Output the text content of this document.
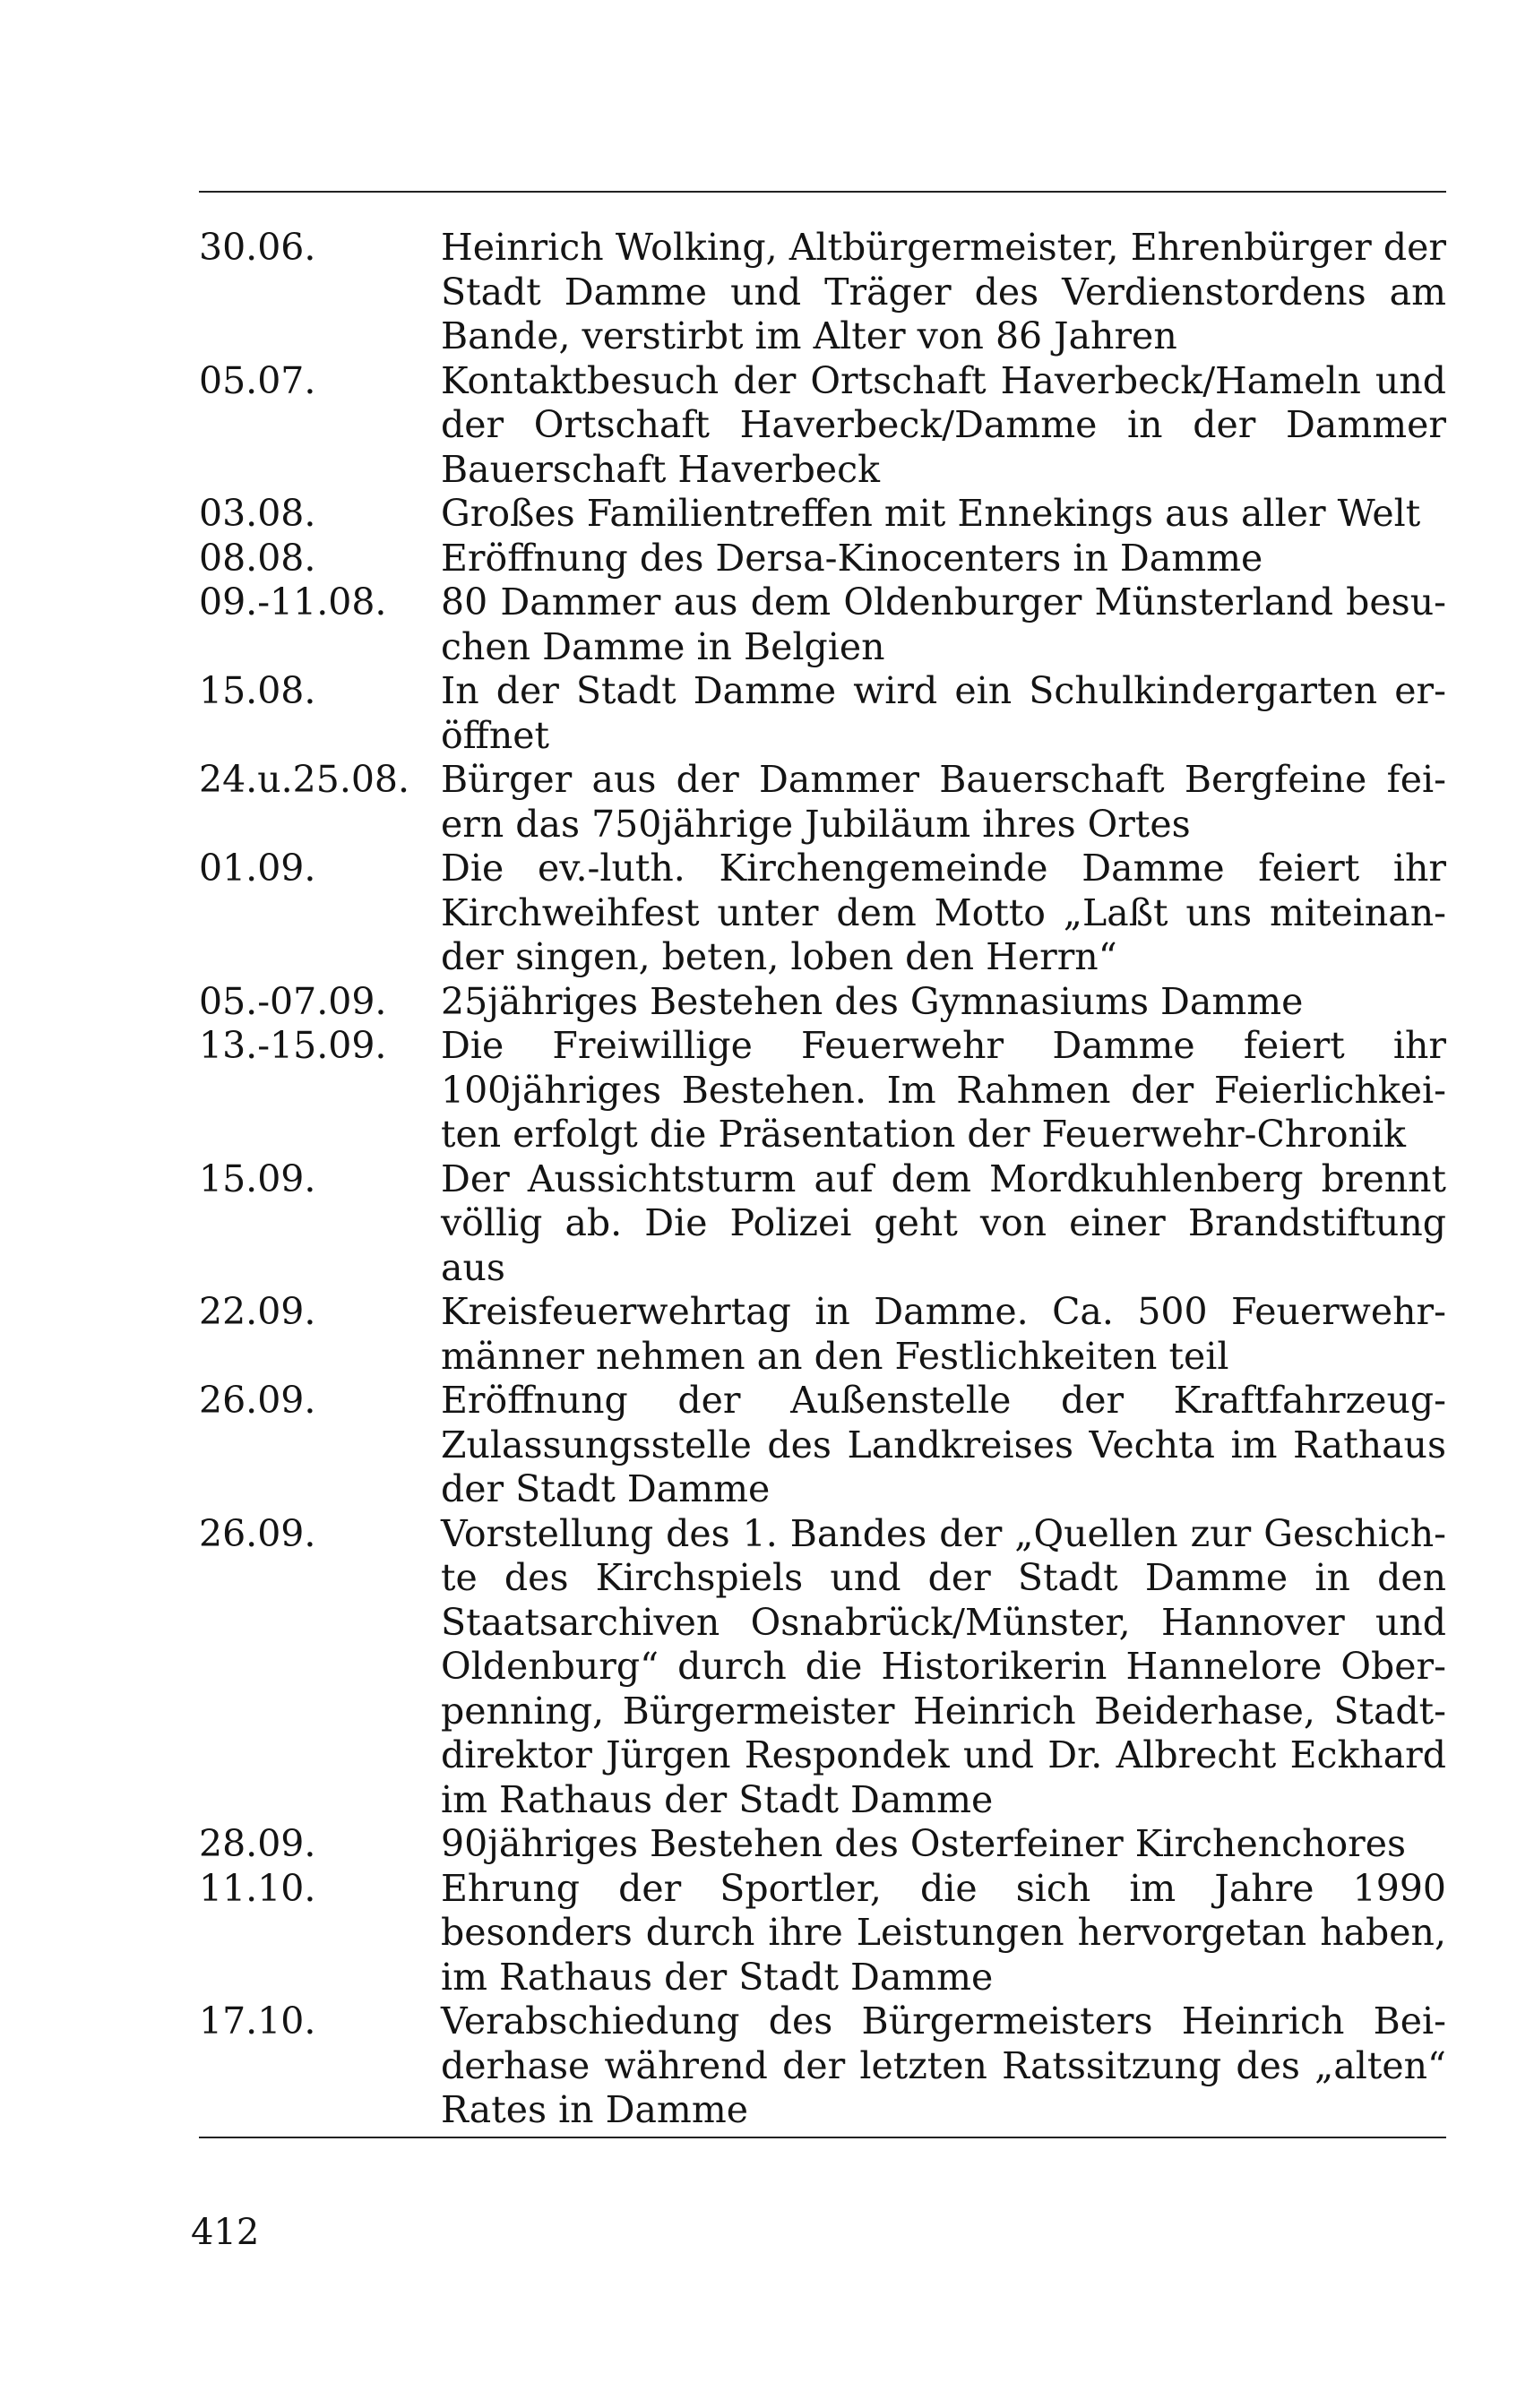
30.06.	Heinrich Wolking, Altbürgermeister, Ehrenbürger der Stadt Damme und Träger des Verdienstordens am Bande, verstirbt im Alter von 86 Jahren
05.07.	Kontaktbesuch der Ortschaft Haverbeck/Hameln und der Ortschaft Haverbeck/Damme in der Dammer Bauerschaft Haverbeck
03.08.	Großes Familientreffen mit Ennekings aus aller Welt
08.08.	Eröffnung des Dersa-Kinocenters in Damme
09.-11.08.	80 Dammer aus dem Oldenburger Münsterland besuchen Damme in Belgien
15.08.	In der Stadt Damme wird ein Schulkindergarten eröffnet
24.u.25.08. Bürger aus der Dammer Bauerschaft Bergfeine feiern das 750jährige Jubiläum ihres Ortes
01.09.	Die ev.-luth. Kirchengemeinde Damme feiert ihr Kirchweihfest unter dem Motto „Laßt uns miteinander singen, beten, loben den Herrn“
05.-07.09.	25jähriges Bestehen des Gymnasiums Damme
13.-15.09.	Die Freiwillige Feuerwehr Damme feiert ihr 100jähriges Bestehen. Im Rahmen der Feierlichkeiten erfolgt die Präsentation der Feuerwehr-Chronik
15.09.	Der Aussichtsturm auf dem Mordkuhlenberg brennt völlig ab. Die Polizei geht von einer Brandstiftung aus
22.09.	Kreisfeuerwehrtag in Damme. Ca. 500 Feuerwehrmänner nehmen an den Festlichkeiten teil
26.09.	Eröffnung der Außenstelle der Kraftfahrzeug-Zulassungsstelle des Landkreises Vechta im Rathaus der Stadt Damme
26.09.	Vorstellung des 1. Bandes der „Quellen zur Geschichte des Kirchspiels und der Stadt Damme in den Staatsarchiven Osnabrück/Münster, Hannover und Oldenburg“ durch die Historikerin Hannelore Oberpenning, Bürgermeister Heinrich Beiderhase, Stadtdirektor Jürgen Respondek und Dr. Albrecht Eckhard im Rathaus der Stadt Damme
28.09.	90jähriges Bestehen des Osterfeiner Kirchenchores
11.10.	Ehrung der Sportler, die sich im Jahre 1990 besonders durch ihre Leistungen hervorgetan haben, im Rathaus der Stadt Damme
17.10.	Verabschiedung des Bürgermeisters Heinrich Beiderhase während der letzten Ratssitzung des „alten“ Rates in Damme
412
